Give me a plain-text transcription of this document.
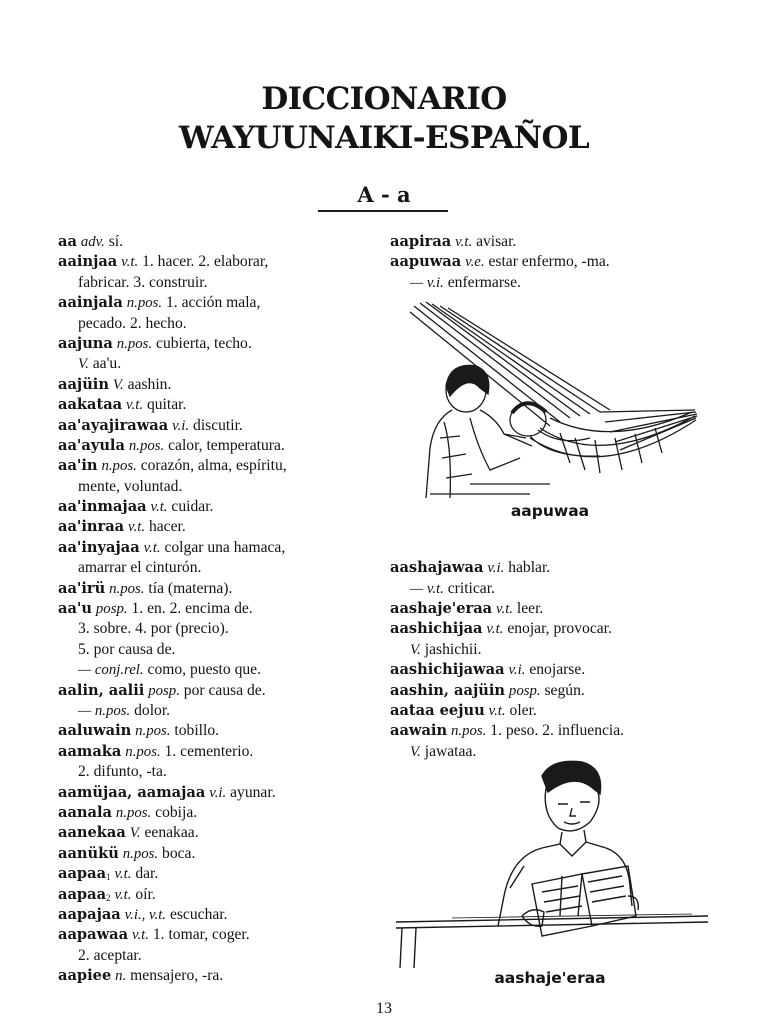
DICCIONARIO
WAYUUNAIKI-ESPAÑOL
A - a
aa adv. sí.
aainjaa v.t. 1. hacer. 2. elaborar,
fabricar. 3. construir.
aainjala n.pos. 1. acción mala,
pecado. 2. hecho.
aajuna n.pos. cubierta, techo.
V. aa'u.
aajüin V. aashin.
aakataa v.t. quitar.
aa'ayajirawaa v.i. discutir.
aa'ayula n.pos. calor, temperatura.
aa'in n.pos. corazón, alma, espíritu,
mente, voluntad.
aa'inmajaa v.t. cuidar.
aa'inraa v.t. hacer.
aa'inyajaa v.t. colgar una hamaca,
amarrar el cinturón.
aa'irü n.pos. tía (materna).
aa'u posp. 1. en. 2. encima de.
3. sobre. 4. por (precio).
5. por causa de.
— conj.rel. como, puesto que.
aalin, aalii posp. por causa de.
— n.pos. dolor.
aaluwain n.pos. tobillo.
aamaka n.pos. 1. cementerio.
2. difunto, -ta.
aamüjaa, aamajaa v.i. ayunar.
aanala n.pos. cobija.
aanekaa V. eenakaa.
aanükü n.pos. boca.
aapaa$_1$ v.t. dar.
aapaa$_2$ v.t. oír.
aapajaa v.i., v.t. escuchar.
aapawaa v.t. 1. tomar, coger.
2. aceptar.
aapiee n. mensajero, -ra.
aapiraa v.t. avisar.
aapuwaa v.e. estar enfermo, -ma.
— v.i. enfermarse.
aashajawaa v.i. hablar.
— v.t. criticar.
aashaje'eraa v.t. leer.
aashichijaa v.t. enojar, provocar.
V. jashichii.
aashichijawaa v.i. enojarse.
aashin, aajüin posp. según.
aataa eejuu v.t. oler.
aawain n.pos. 1. peso. 2. influencia.
V. jawataa.
aapuwaa
aashaje'eraa
13
